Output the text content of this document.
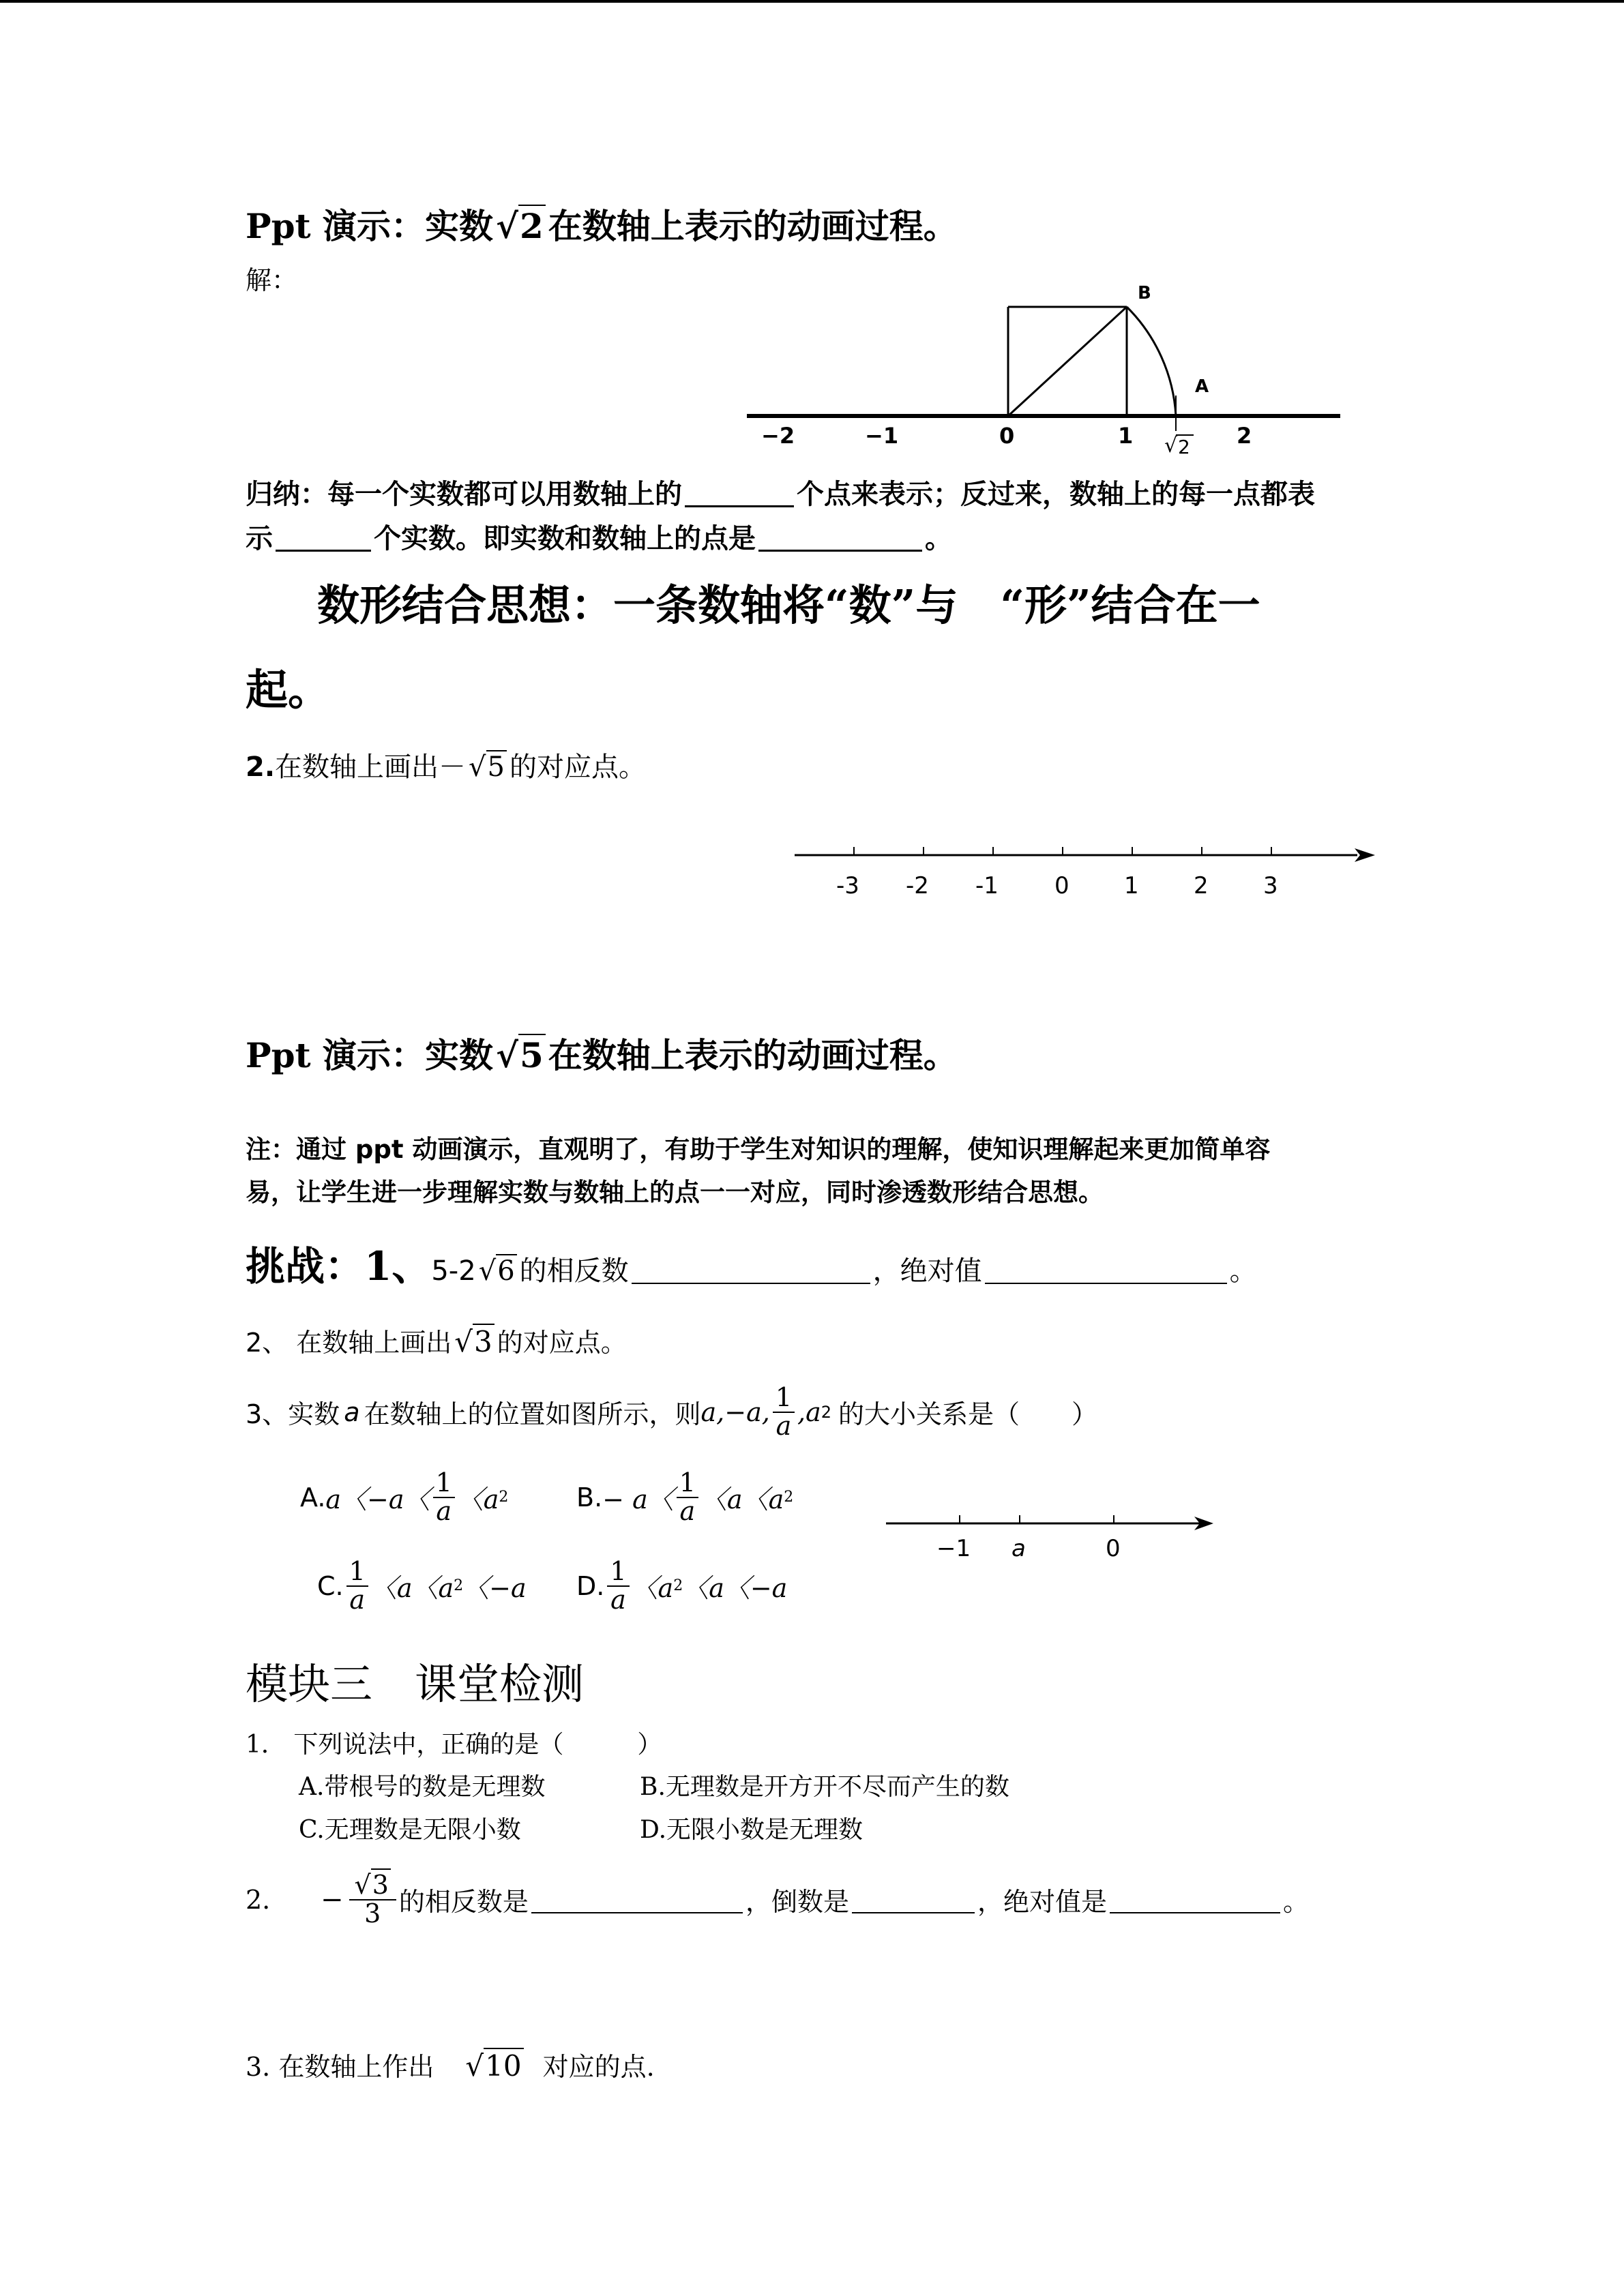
Ppt 演示：实数√2 在数轴上表示的动画过程。
解：	B
A
−2	−1	0	1	2
√ 2
归纳：每一个实数都可以用数轴上的	个点来表示；反过来，数轴上的每一点都表
示	个实数。即实数和数轴上的点是	。
数形结合思想：一条数轴将“数”与　“形”结合在一
起。
2.在数轴上画出－ √5 的对应点。
-3 -2 -1 0 1 2 3
Ppt 演示：实数√5 在数轴上表示的动画过程。
注：通过 ppt 动画演示，直观明了，有助于学生对知识的理解，使知识理解起来更加简单容
易，让学生进一步理解实数与数轴上的点一一对应，同时渗透数形结合思想。
挑战：1、5-2 √6 的相反数	，绝对值	。
2、 在数轴上画出√3 的对应点。
3、实数 a 在数轴上的位置如图所示，则 a,−a, $\frac{1}{a} ,a$ 2 的大小关系是（　　）
A. a〈−a〈 $\frac{1}{a}$ 〈a 2	B. − a〈 $\frac{1}{a}$ 〈a〈a 2
C. $\frac{1}{a}$ 〈a〈a 2 〈−a D. $\frac{1}{a}$ 〈a 2 〈a〈−a
−1 a	0
模块三　课堂检测
1． 下列说法中，正确的是（　　　）
A.带根号的数是无理数	B.无理数是开方开不尽而产生的数
C.无理数是无限小数	D.无限小数是无理数
2.	− $\frac{√3}{3}$ 的相反数是	，倒数是	，绝对值是	。
3. 在数轴上作出 √10 对应的点.
